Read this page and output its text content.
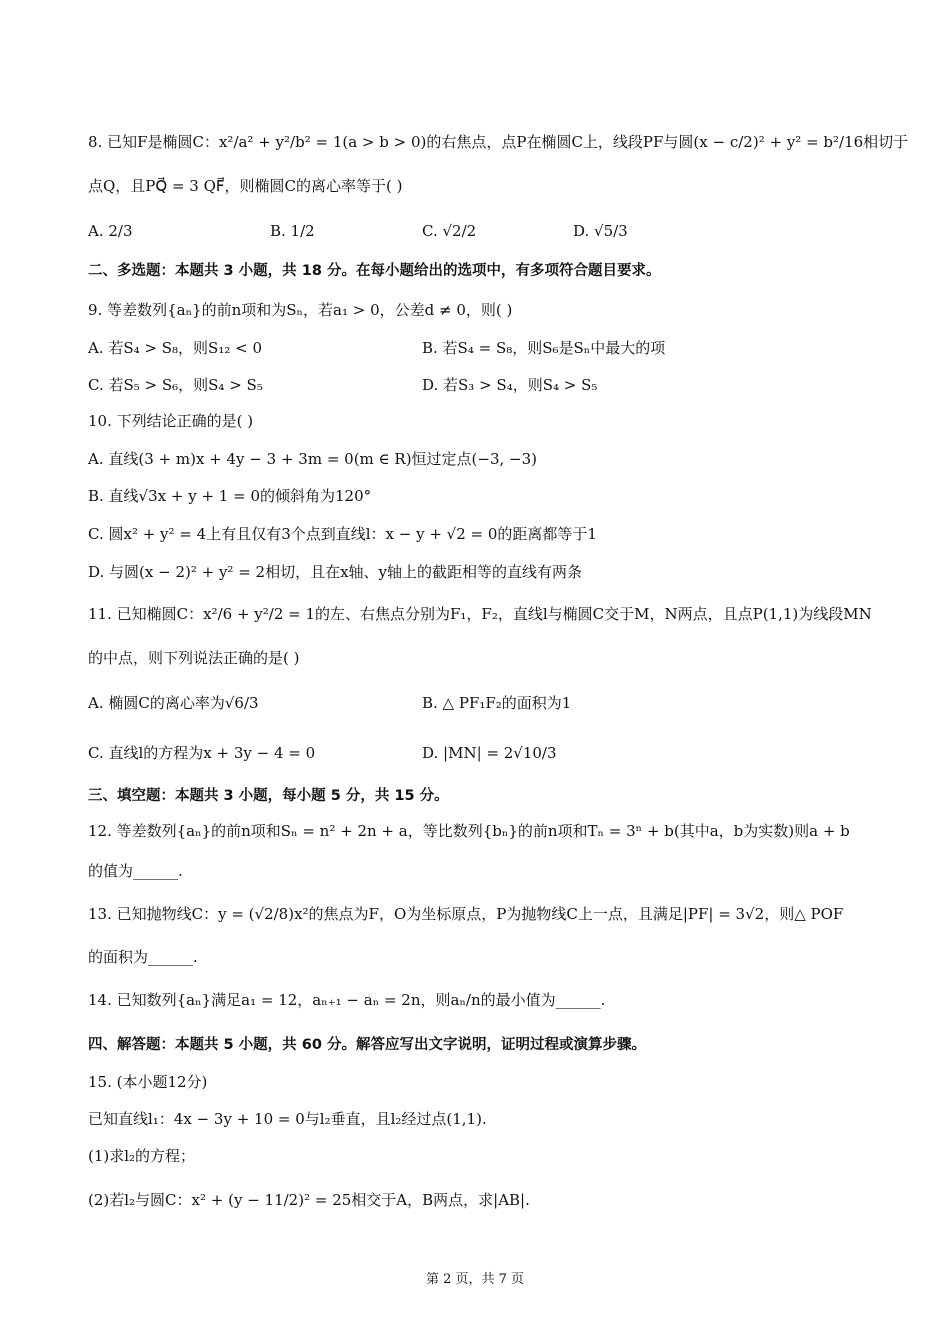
8. 已知F是椭圆C：x²/a² + y²/b² = 1(a > b > 0)的右焦点，点P在椭圆C上，线段PF与圆(x − c/2)² + y² = b²/16相切于
点Q，且PQ⃗ = 3 QF⃗，则椭圆C的离心率等于( )
A. 2/3	B. 1/2	C. √2/2	D. √5/3
二、多选题：本题共 3 小题，共 18 分。在每小题给出的选项中，有多项符合题目要求。
9. 等差数列{aₙ}的前n项和为Sₙ，若a₁ > 0，公差d ≠ 0，则( )
A. 若S₄ > S₈，则S₁₂ < 0	B. 若S₄ = S₈，则S₆是Sₙ中最大的项
C. 若S₅ > S₆，则S₄ > S₅	D. 若S₃ > S₄，则S₄ > S₅
10. 下列结论正确的是( )
A. 直线(3 + m)x + 4y − 3 + 3m = 0(m ∈ R)恒过定点(−3, −3)
B. 直线√3x + y + 1 = 0的倾斜角为120°
C. 圆x² + y² = 4上有且仅有3个点到直线l：x − y + √2 = 0的距离都等于1
D. 与圆(x − 2)² + y² = 2相切，且在x轴、y轴上的截距相等的直线有两条
11. 已知椭圆C：x²/6 + y²/2 = 1的左、右焦点分别为F₁，F₂，直线l与椭圆C交于M，N两点，且点P(1,1)为线段MN
的中点，则下列说法正确的是( )
A. 椭圆C的离心率为√6/3	B. △ PF₁F₂的面积为1
C. 直线l的方程为x + 3y − 4 = 0	D. |MN| = 2√10/3
三、填空题：本题共 3 小题，每小题 5 分，共 15 分。
12. 等差数列{aₙ}的前n项和Sₙ = n² + 2n + a，等比数列{bₙ}的前n项和Tₙ = 3ⁿ + b(其中a，b为实数)则a + b
的值为______.
13. 已知抛物线C：y = (√2/8)x²的焦点为F，O为坐标原点，P为抛物线C上一点，且满足|PF| = 3√2，则△ POF
的面积为______.
14. 已知数列{aₙ}满足a₁ = 12，aₙ₊₁ − aₙ = 2n，则aₙ/n的最小值为______.
四、解答题：本题共 5 小题，共 60 分。解答应写出文字说明，证明过程或演算步骤。
15. (本小题12分)
已知直线l₁：4x − 3y + 10 = 0与l₂垂直，且l₂经过点(1,1).
(1)求l₂的方程；
(2)若l₂与圆C：x² + (y − 11/2)² = 25相交于A，B两点，求|AB|.
第 2 页，共 7 页
